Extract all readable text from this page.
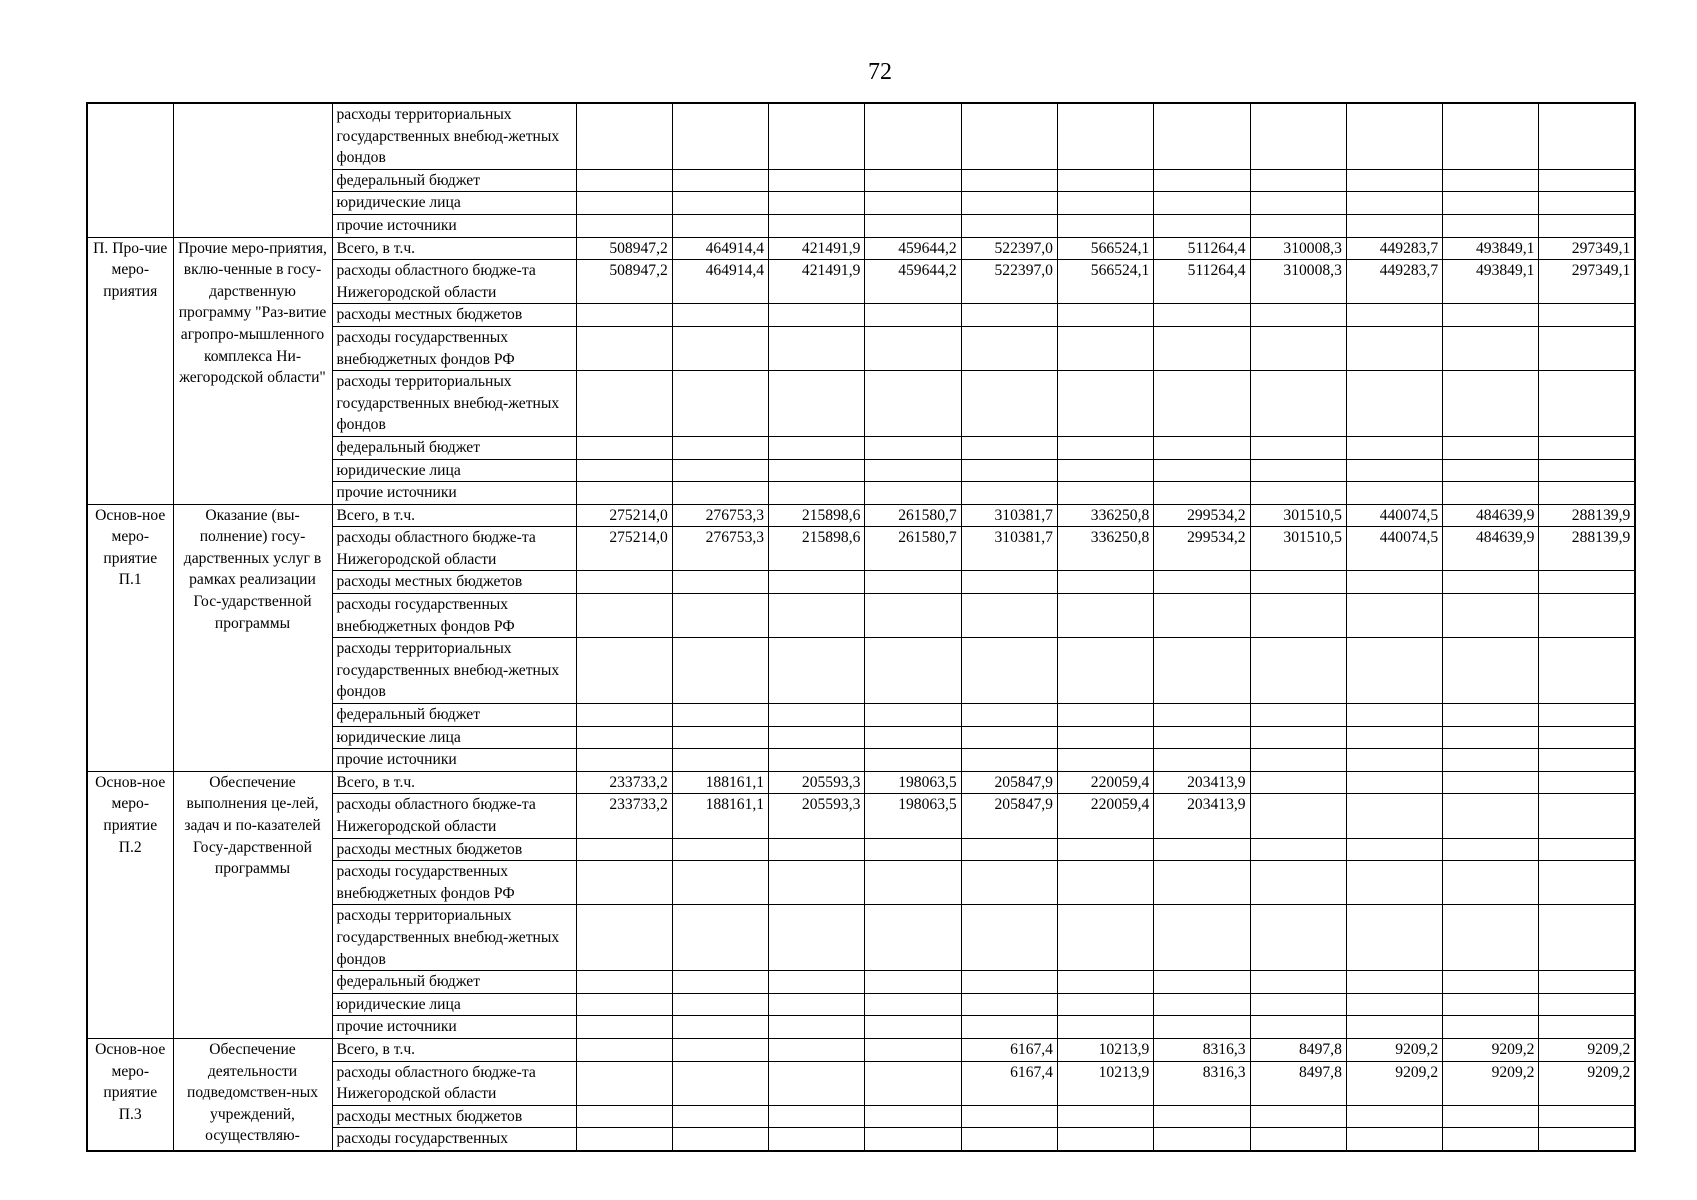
72
		расходы территориальных государственных внебюд-жетных фондов											
		федеральный бюджет											
		юридические лица											
		прочие источники											
П. Про-чие меро-приятия	Прочие меро-приятия, вклю-ченные в госу-дарственную программу "Раз-витие агропро-мышленного комплекса Ни-жегородской области"	Всего, в т.ч.	508947,2	464914,4	421491,9	459644,2	522397,0	566524,1	511264,4	310008,3	449283,7	493849,1	297349,1
		расходы областного бюдже-та Нижегородской области	508947,2	464914,4	421491,9	459644,2	522397,0	566524,1	511264,4	310008,3	449283,7	493849,1	297349,1
		расходы местных бюджетов											
		расходы государственных внебюджетных фондов РФ											
		расходы территориальных государственных внебюд-жетных фондов											
		федеральный бюджет											
		юридические лица											
		прочие источники											
Основ-ное меро-приятие П.1	Оказание (вы-полнение) госу-дарственных услуг в рамках реализации Гос-ударственной программы	Всего, в т.ч.	275214,0	276753,3	215898,6	261580,7	310381,7	336250,8	299534,2	301510,5	440074,5	484639,9	288139,9
		расходы областного бюдже-та Нижегородской области	275214,0	276753,3	215898,6	261580,7	310381,7	336250,8	299534,2	301510,5	440074,5	484639,9	288139,9
		расходы местных бюджетов											
		расходы государственных внебюджетных фондов РФ											
		расходы территориальных государственных внебюд-жетных фондов											
		федеральный бюджет											
		юридические лица											
		прочие источники											
Основ-ное меро-приятие П.2	Обеспечение выполнения це-лей, задач и по-казателей Госу-дарственной программы	Всего, в т.ч.	233733,2	188161,1	205593,3	198063,5	205847,9	220059,4	203413,9				
		расходы областного бюдже-та Нижегородской области	233733,2	188161,1	205593,3	198063,5	205847,9	220059,4	203413,9				
		расходы местных бюджетов											
		расходы государственных внебюджетных фондов РФ											
		расходы территориальных государственных внебюд-жетных фондов											
		федеральный бюджет											
		юридические лица											
		прочие источники											
Основ-ное меро-приятие П.3	Обеспечение деятельности подведомствен-ных учреждений, осуществляю-	Всего, в т.ч.					6167,4	10213,9	8316,3	8497,8	9209,2	9209,2	9209,2
		расходы областного бюдже-та Нижегородской области					6167,4	10213,9	8316,3	8497,8	9209,2	9209,2	9209,2
		расходы местных бюджетов											
		расходы государственных											
